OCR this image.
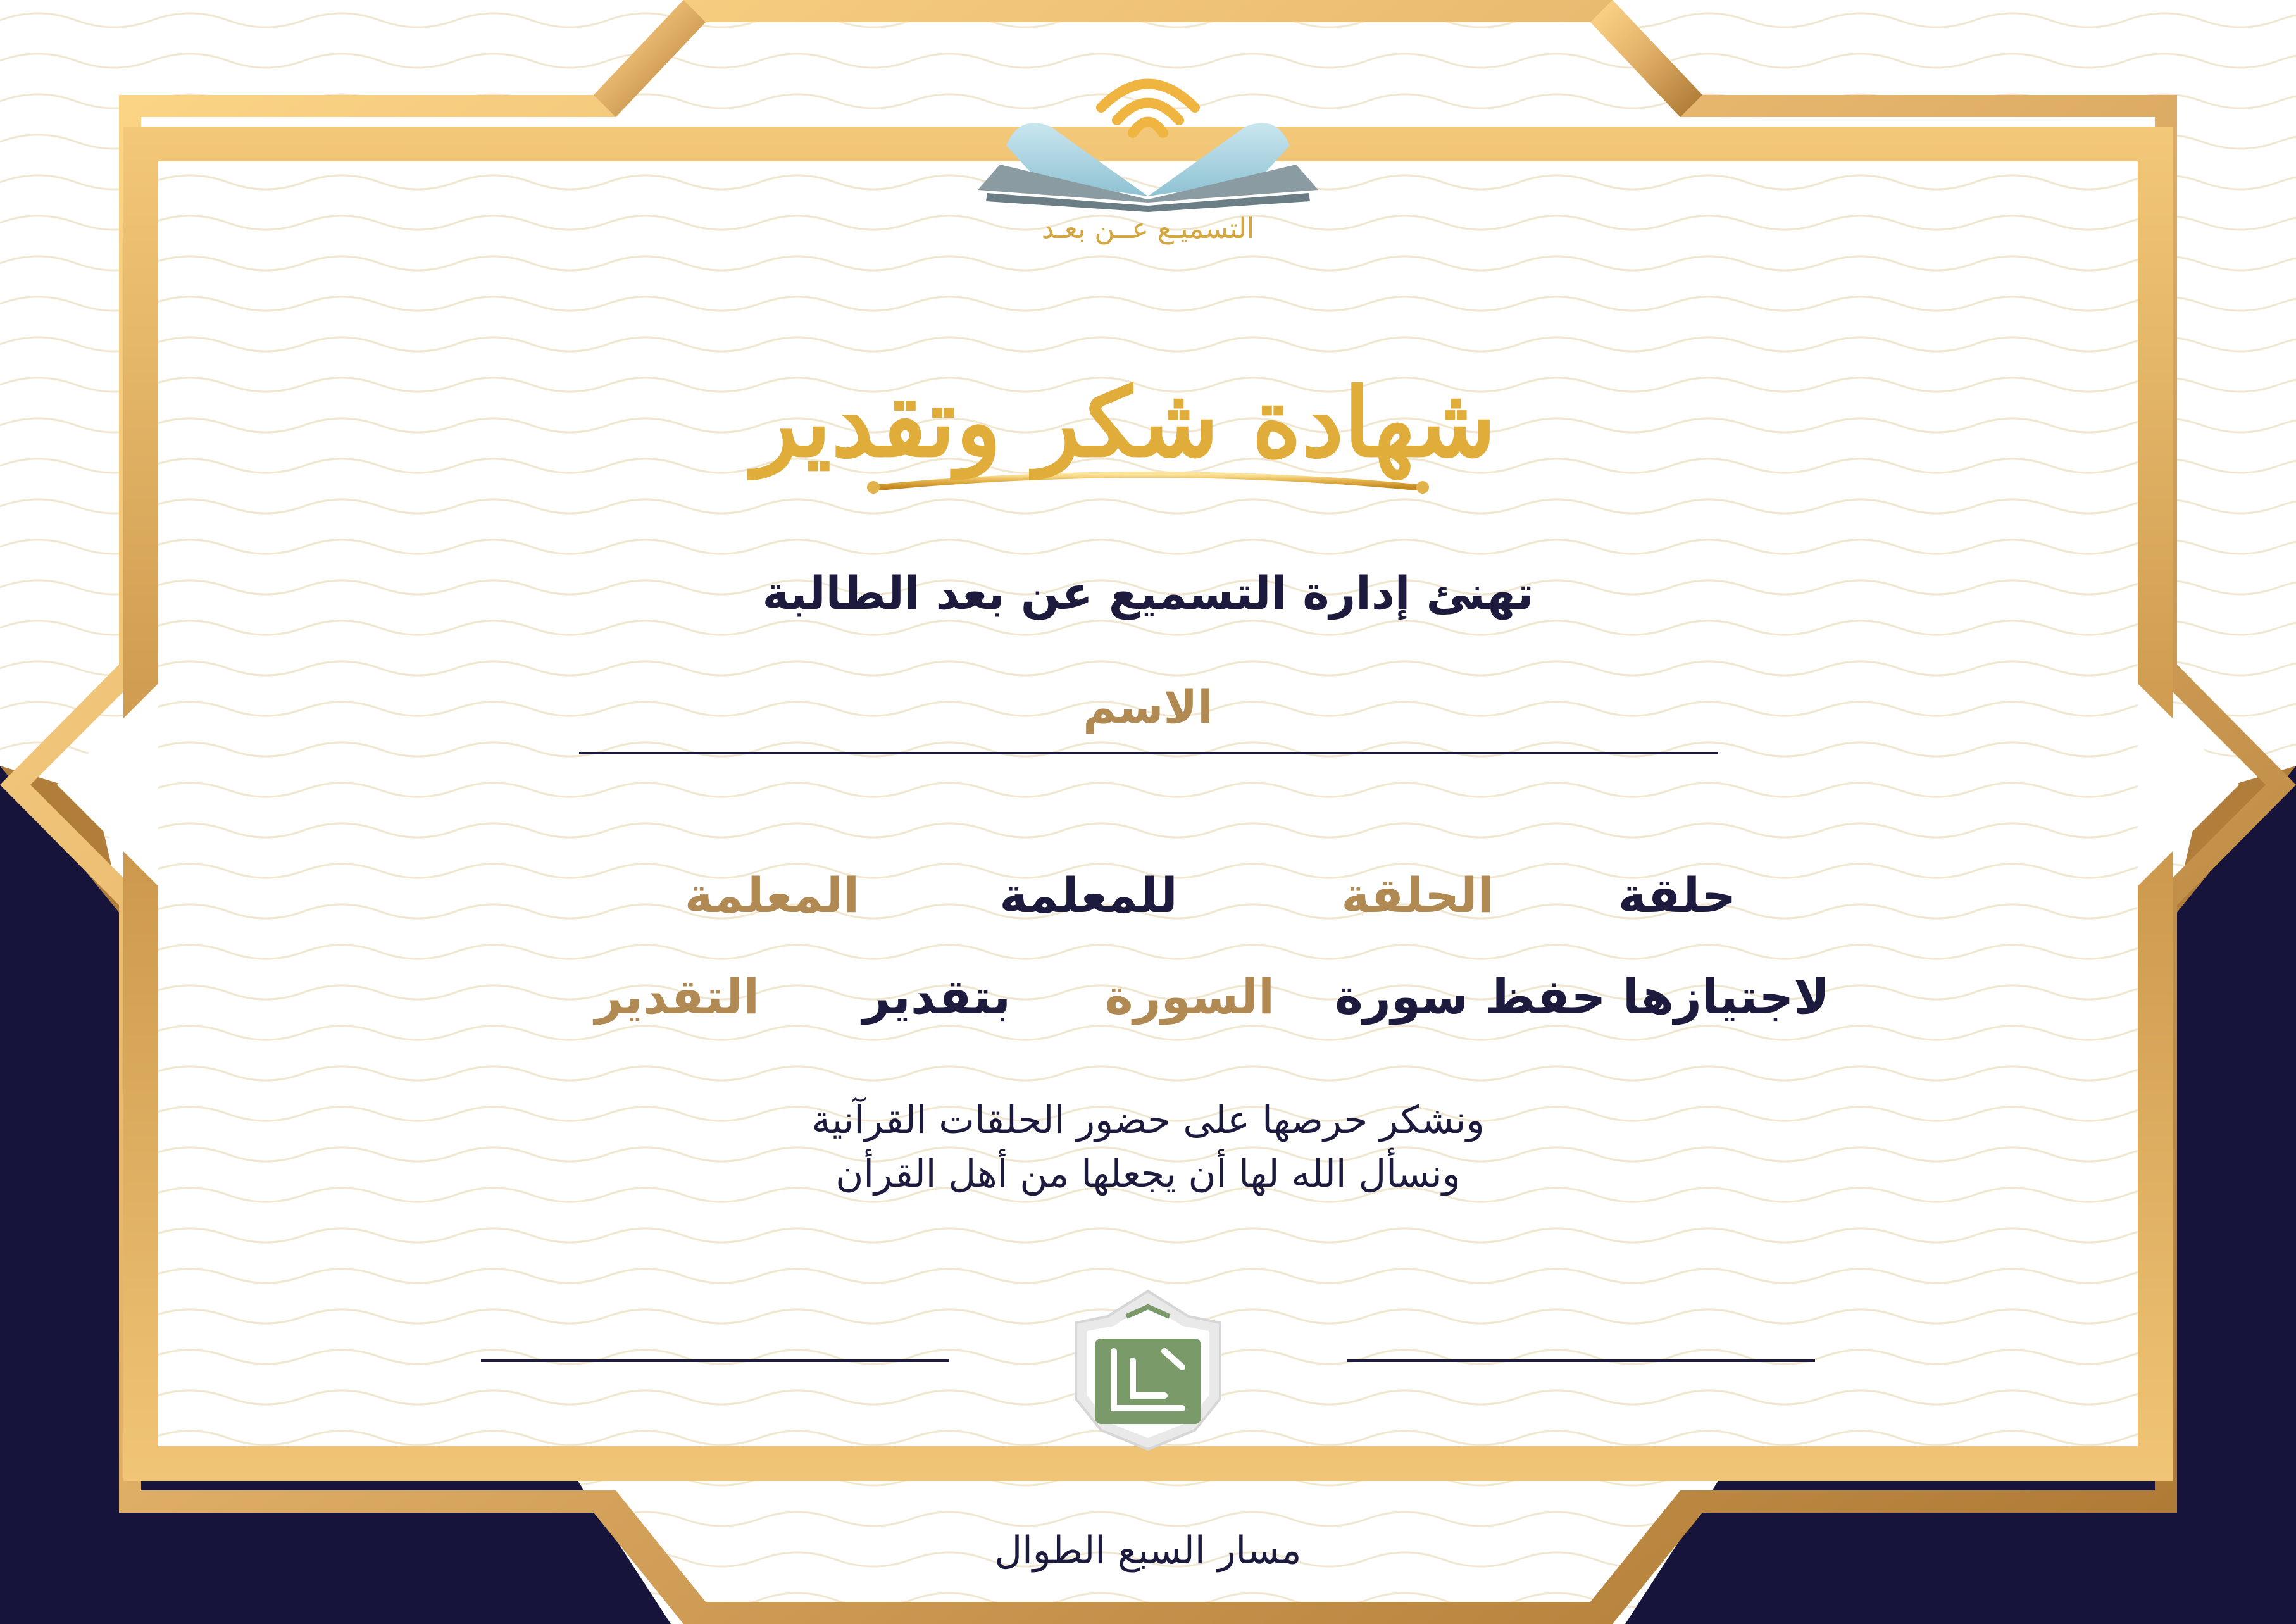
التسميـع عــن بعـد
شهادة شكر وتقدير
تهنئ إدارة التسميع عن بعد الطالبة
الاسم
حلقة
الحلقة
للمعلمة
المعلمة
لاجتيازها حفظ سورة
السورة
بتقدير
التقدير
ونشكر حرصها على حضور الحلقات القرآنية
ونسأل الله لها أن يجعلها من أهل القرأن
مسار السبع الطوال
